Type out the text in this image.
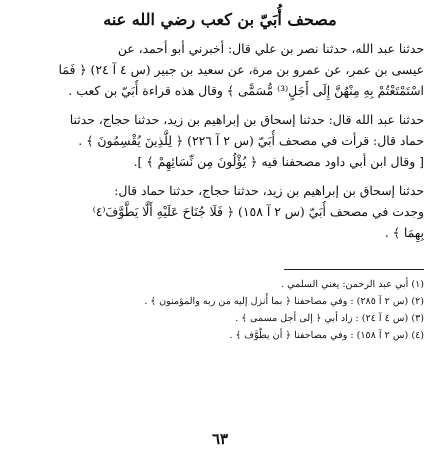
مصحف أُبَيّ بن كعب رضي الله عنه
حدثنا عبد الله، حدثنا نصر بن علي قال: أخبرني أبو أحمد، عن
عيسى بن عمر، عن عمرو بن مرة، عن سعيد بن جبير (س ٤ آ ٢٤) ﴿ فَمَا
اسْتَمْتَعْتُمْ بِهِ مِنْهُنَّ إِلَى أَجَلٍ⁽³⁾ مُّسَمًّى ﴾ وقال هذه قراءة أُبَيّ بن كعب .
حدثنا عبد الله قال: حدثنا إسحاق بن إبراهيم بن زيد، حدثنا حجاج، حدثنا
حماد قال: قرأت في مصحف أُبَيّ (س ٢ آ ٢٢٦) ﴿ لِلَّذِينَ يُقْسِمُونَ ﴾ .
[ وقال ابن أبي داود مصحفنا فيه ﴿ يُؤْلُونَ مِن نِّسَائِهِمْ ﴾ ].
حدثنا إسحاق بن إبراهيم بن زيد، حدثنا حجاج، حدثنا حماد قال:
وجدت في مصحف أُبَيّ (س ٢ آ ١٥٨) ﴿ فَلَا جُنَاحَ عَلَيْهِ أَلَّا يَطَّوَّفَ⁽٤⁾
بِهِمَا ﴾ .
(١) أبي عبد الرحمن: يعني السلمي .
(٢) (س ٢ آ ٢٨٥) : وفي مصاحفنا ﴿ بما أُنزل إليه من ربه والمؤمنون ﴾ .
(٣) (س ٤ آ ٢٤) : زاد أبي ﴿ إلى أجل مسمى ﴾ .
(٤) (س ٢ آ ١٥٨) : وفي مصاحفنا ﴿ أن يطَّوَّف ﴾ .
٦٣
